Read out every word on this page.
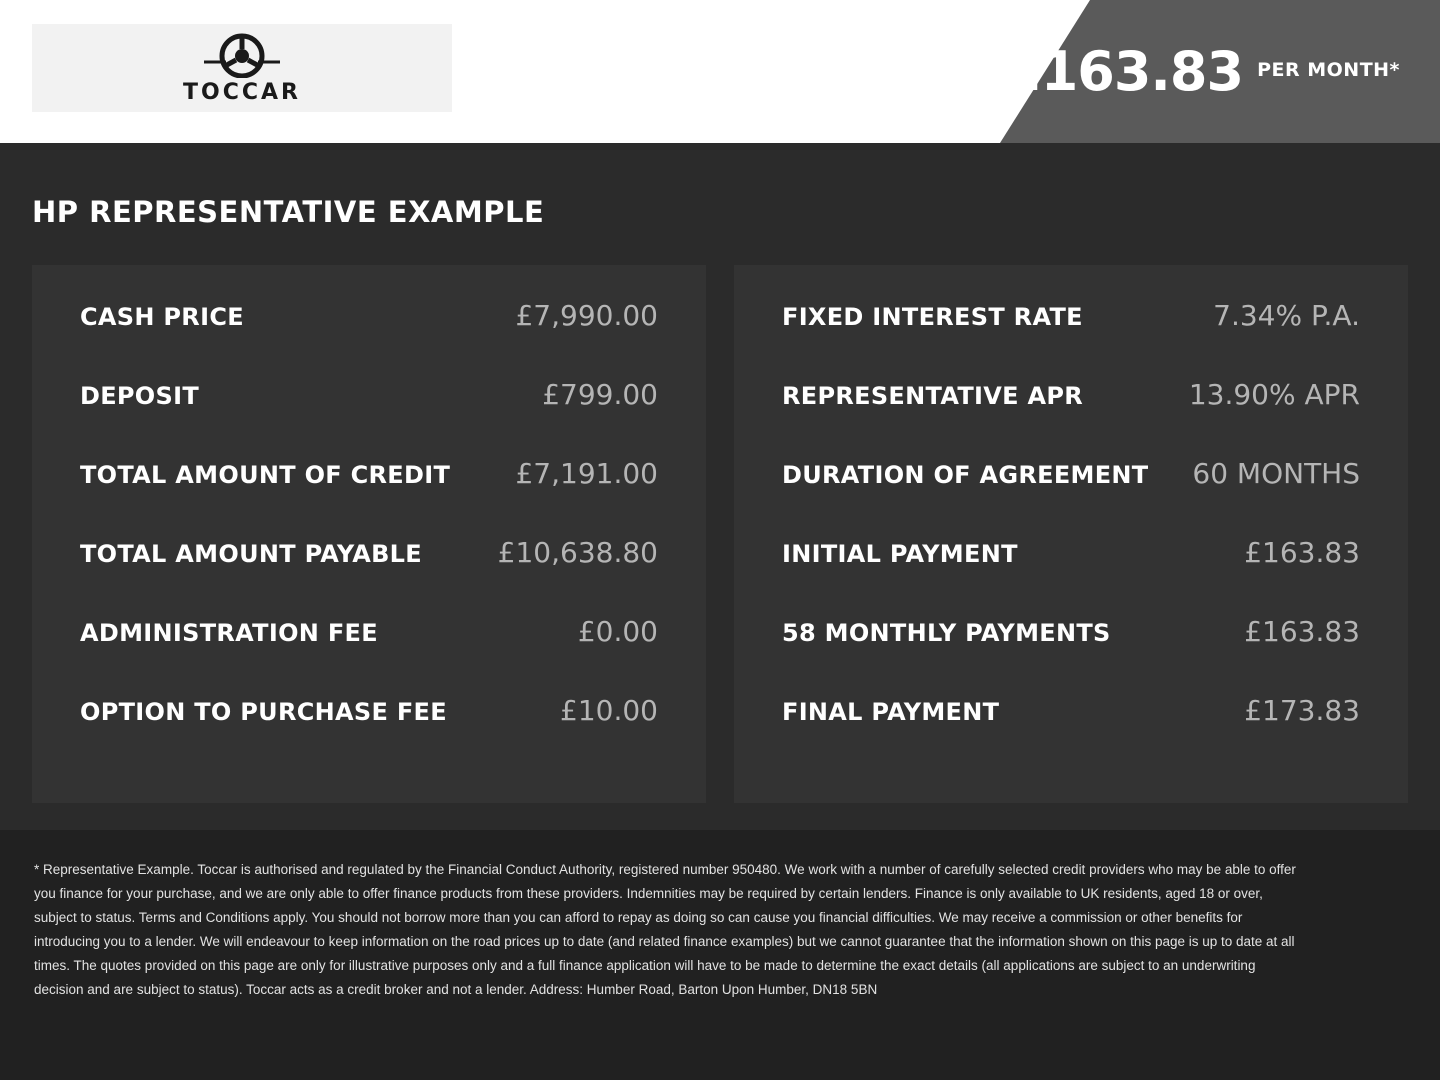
TOCCAR	£163.83 PER MONTH*
HP REPRESENTATIVE EXAMPLE
CASH PRICE	£7,990.00
DEPOSIT	£799.00
TOTAL AMOUNT OF CREDIT £7,191.00
TOTAL AMOUNT PAYABLE	£10,638.80
ADMINISTRATION FEE	£0.00
OPTION TO PURCHASE FEE	£10.00
FIXED INTEREST RATE	7.34% P.A.
REPRESENTATIVE APR	13.90% APR
DURATION OF AGREEMENT 60 MONTHS
INITIAL PAYMENT	£163.83
58 MONTHLY PAYMENTS	£163.83
FINAL PAYMENT	£173.83

* Representative Example. Toccar is authorised and regulated by the Financial Conduct Authority, registered number 950480. We work with a number of carefully selected credit providers who may be able to offer you finance for your purchase, and we are only able to offer finance products from these providers. Indemnities may be required by certain lenders. Finance is only available to UK residents, aged 18 or over, subject to status. Terms and Conditions apply. You should not borrow more than you can afford to repay as doing so can cause you financial difficulties. We may receive a commission or other benefits for introducing you to a lender. We will endeavour to keep information on the road prices up to date (and related finance examples) but we cannot guarantee that the information shown on this page is up to date at all times. The quotes provided on this page are only for illustrative purposes only and a full finance application will have to be made to determine the exact details (all applications are subject to an underwriting decision and are subject to status). Toccar acts as a credit broker and not a lender. Address: Humber Road, Barton Upon Humber, DN18 5BN
